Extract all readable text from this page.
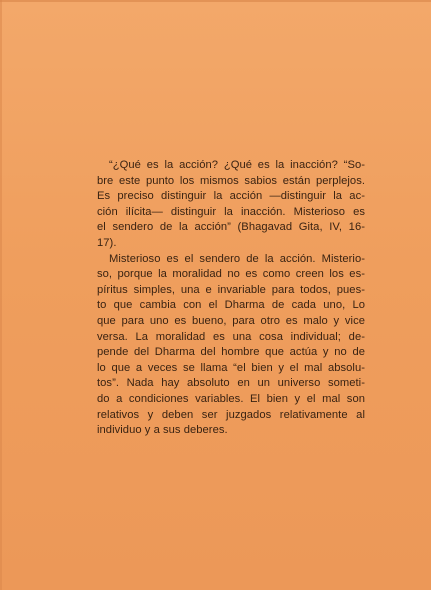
“¿Qué es la acción? ¿Qué es la inacción? “So-
bre este punto los mismos sabios están perplejos.
Es preciso distinguir la acción —distinguir la ac-
ción ilícita— distinguir la inacción. Misterioso es
el sendero de la acción” (Bhagavad Gita, IV, 16-
17).
Misterioso es el sendero de la acción. Misterio-
so, porque la moralidad no es como creen los es-
píritus simples, una e invariable para todos, pues-
to que cambia con el Dharma de cada uno, Lo
que para uno es bueno, para otro es malo y vice
versa. La moralidad es una cosa individual; de-
pende del Dharma del hombre que actúa y no de
lo que a veces se llama “el bien y el mal absolu-
tos”. Nada hay absoluto en un universo someti-
do a condiciones variables. El bien y el mal son
relativos y deben ser juzgados relativamente al
individuo y a sus deberes.
